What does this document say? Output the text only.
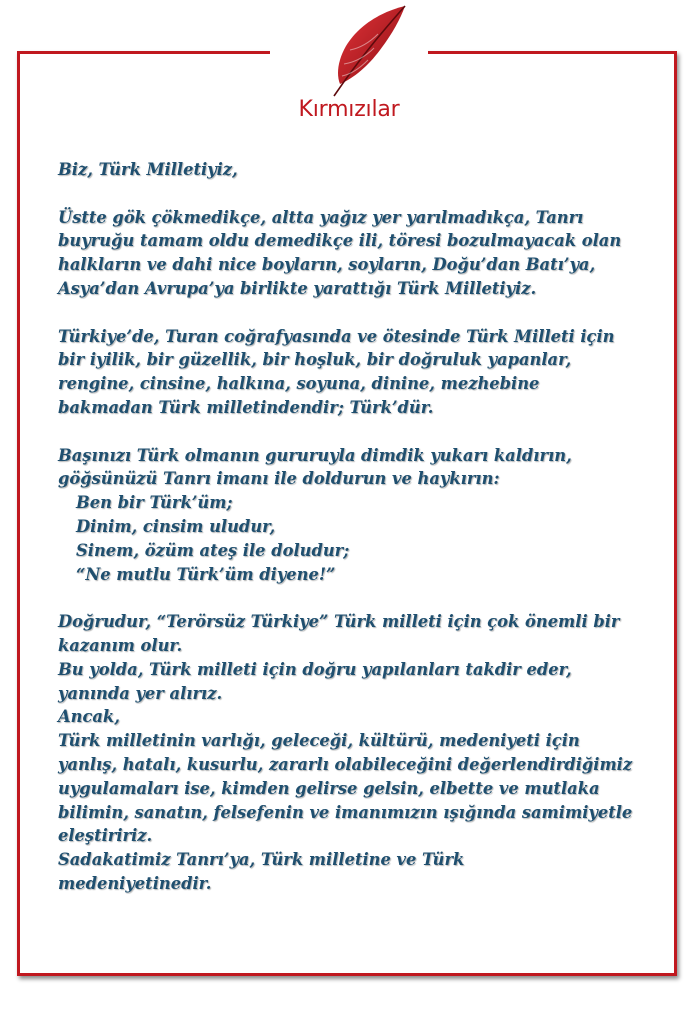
Kırmızılar

Biz, Türk Milletiyiz,

Üstte gök çökmedikçe, altta yağız yer yarılmadıkça, Tanrı

buyruğu tamam oldu demedikçe ili, töresi bozulmayacak olan

halkların ve dahi nice boyların, soyların, Doğu’dan Batı’ya,

Asya’dan Avrupa’ya birlikte yarattığı Türk Milletiyiz.

Türkiye’de, Turan coğrafyasında ve ötesinde Türk Milleti için

bir iyilik, bir güzellik, bir hoşluk, bir doğruluk yapanlar,

rengine, cinsine, halkına, soyuna, dinine, mezhebine

bakmadan Türk milletindendir; Türk’dür.

Başınızı Türk olmanın gururuyla dimdik yukarı kaldırın,

göğsünüzü Tanrı imanı ile doldurun ve haykırın:

Ben bir Türk’üm;

Dinim, cinsim uludur,

Sinem, özüm ateş ile doludur;

“Ne mutlu Türk’üm diyene!”

Doğrudur, “Terörsüz Türkiye” Türk milleti için çok önemli bir

kazanım olur.

Bu yolda, Türk milleti için doğru yapılanları takdir eder,

yanında yer alırız.

Ancak,

Türk milletinin varlığı, geleceği, kültürü, medeniyeti için

yanlış, hatalı, kusurlu, zararlı olabileceğini değerlendirdiğimiz

uygulamaları ise, kimden gelirse gelsin, elbette ve mutlaka

bilimin, sanatın, felsefenin ve imanımızın ışığında samimiyetle

eleştiririz.

Sadakatimiz Tanrı’ya, Türk milletine ve Türk

medeniyetinedir.
